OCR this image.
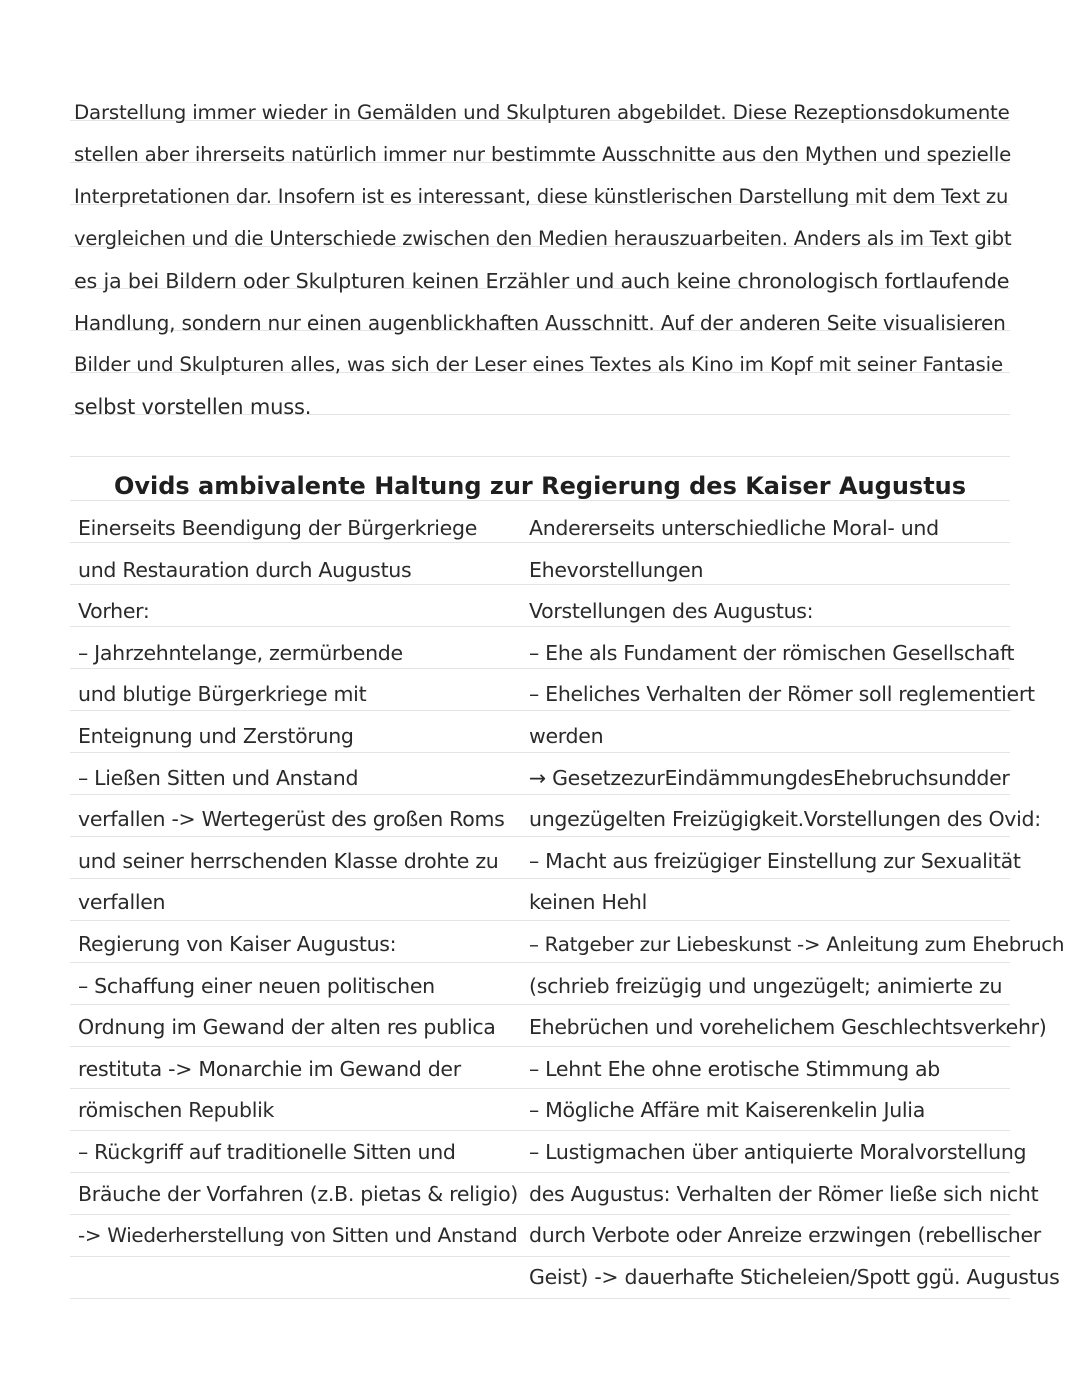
Darstellung immer wieder in Gemälden und Skulpturen abgebildet. Diese Rezeptionsdokumente
stellen aber ihrerseits natürlich immer nur bestimmte Ausschnitte aus den Mythen und spezielle
Interpretationen dar. Insofern ist es interessant, diese künstlerischen Darstellung mit dem Text zu
vergleichen und die Unterschiede zwischen den Medien herauszuarbeiten. Anders als im Text gibt
es ja bei Bildern oder Skulpturen keinen Erzähler und auch keine chronologisch fortlaufende
Handlung, sondern nur einen augenblickhaften Ausschnitt. Auf der anderen Seite visualisieren
Bilder und Skulpturen alles, was sich der Leser eines Textes als Kino im Kopf mit seiner Fantasie
selbst vorstellen muss.
Ovids ambivalente Haltung zur Regierung des Kaiser Augustus
Einerseits Beendigung der Bürgerkriege
und Restauration durch Augustus
Vorher:
– Jahrzehntelange, zermürbende
und blutige Bürgerkriege mit
Enteignung und Zerstörung
– Ließen Sitten und Anstand
verfallen -> Wertegerüst des großen Roms
und seiner herrschenden Klasse drohte zu
verfallen
Regierung von Kaiser Augustus:
– Schaffung einer neuen politischen
Ordnung im Gewand der alten res publica
restituta -> Monarchie im Gewand der
römischen Republik
– Rückgriff auf traditionelle Sitten und
Bräuche der Vorfahren (z.B. pietas & religio)
-> Wiederherstellung von Sitten und Anstand
Andererseits unterschiedliche Moral- und
Ehevorstellungen
Vorstellungen des Augustus:
– Ehe als Fundament der römischen Gesellschaft
– Eheliches Verhalten der Römer soll reglementiert
werden
→ GesetzezurEindämmungdesEhebruchsundder
ungezügelten Freizügigkeit.Vorstellungen des Ovid:
– Macht aus freizügiger Einstellung zur Sexualität
keinen Hehl
– Ratgeber zur Liebeskunst -> Anleitung zum Ehebruch
(schrieb freizügig und ungezügelt; animierte zu
Ehebrüchen und vorehelichem Geschlechtsverkehr)
– Lehnt Ehe ohne erotische Stimmung ab
– Mögliche Affäre mit Kaiserenkelin Julia
– Lustigmachen über antiquierte Moralvorstellung
des Augustus: Verhalten der Römer ließe sich nicht
durch Verbote oder Anreize erzwingen (rebellischer
Geist) -> dauerhafte Sticheleien/Spott ggü. Augustus
